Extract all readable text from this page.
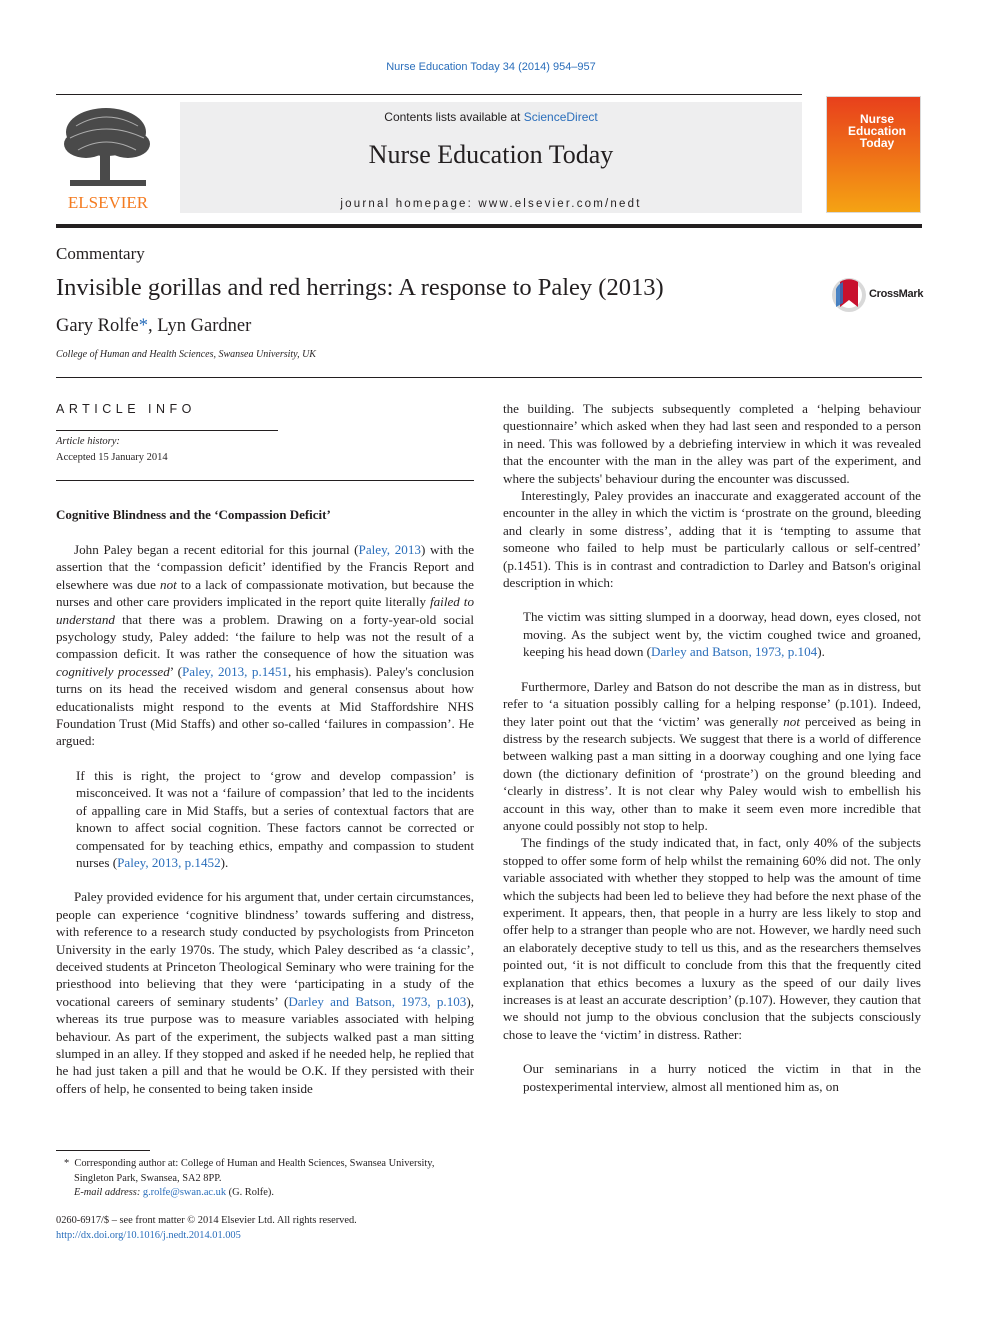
Nurse Education Today 34 (2014) 954–957
ELSEVIER
Contents lists available at ScienceDirect
Nurse Education Today
journal homepage: www.elsevier.com/nedt
Nurse
Education
Today
Commentary
Invisible gorillas and red herrings: A response to Paley (2013)
Gary Rolfe*, Lyn Gardner
College of Human and Health Sciences, Swansea University, UK
CrossMark
ARTICLE INFO
Article history:
Accepted 15 January 2014
Cognitive Blindness and the ‘Compassion Deficit’

John Paley began a recent editorial for this journal (Paley, 2013) with the assertion that the ‘compassion deficit’ identified by the Francis Report and elsewhere was due not to a lack of compassionate motivation, but because the nurses and other care providers implicated in the report quite literally failed to understand that there was a problem. Drawing on a forty-year-old social psychology study, Paley added: ‘the failure to help was not the result of a compassion deficit. It was rather the consequence of how the situation was cognitively processed’ (Paley, 2013, p.1451, his emphasis). Paley's conclusion turns on its head the received wisdom and general consensus about how educationalists might respond to the events at Mid Staffordshire NHS Foundation Trust (Mid Staffs) and other so-called ‘failures in compassion’. He argued:

If this is right, the project to ‘grow and develop compassion’ is misconceived. It was not a ‘failure of compassion’ that led to the incidents of appalling care in Mid Staffs, but a series of contextual factors that are known to affect social cognition. These factors cannot be corrected or compensated for by teaching ethics, empathy and compassion to student nurses (Paley, 2013, p.1452).

Paley provided evidence for his argument that, under certain circumstances, people can experience ‘cognitive blindness’ towards suffering and distress, with reference to a research study conducted by psychologists from Princeton University in the early 1970s. The study, which Paley described as ‘a classic’, deceived students at Princeton Theological Seminary who were training for the priesthood into believing that they were ‘participating in a study of the vocational careers of seminary students’ (Darley and Batson, 1973, p.103), whereas its true purpose was to measure variables associated with helping behaviour. As part of the experiment, the subjects walked past a man sitting slumped in an alley. If they stopped and asked if he needed help, he replied that he had just taken a pill and that he would be O.K. If they persisted with their offers of help, he consented to being taken inside

the building. The subjects subsequently completed a ‘helping behaviour questionnaire’ which asked when they had last seen and responded to a person in need. This was followed by a debriefing interview in which it was revealed that the encounter with the man in the alley was part of the experiment, and where the subjects' behaviour during the encounter was discussed.

Interestingly, Paley provides an inaccurate and exaggerated account of the encounter in the alley in which the victim is ‘prostrate on the ground, bleeding and clearly in some distress’, adding that it is ‘tempting to assume that someone who failed to help must be particularly callous or self-centred’ (p.1451). This is in contrast and contradiction to Darley and Batson's original description in which:

The victim was sitting slumped in a doorway, head down, eyes closed, not moving. As the subject went by, the victim coughed twice and groaned, keeping his head down (Darley and Batson, 1973, p.104).

Furthermore, Darley and Batson do not describe the man as in distress, but refer to ‘a situation possibly calling for a helping response’ (p.101). Indeed, they later point out that the ‘victim’ was generally not perceived as being in distress by the research subjects. We suggest that there is a world of difference between walking past a man sitting in a doorway coughing and one lying face down (the dictionary definition of ‘prostrate’) on the ground bleeding and ‘clearly in distress’. It is not clear why Paley would wish to embellish his account in this way, other than to make it seem even more incredible that anyone could possibly not stop to help.

The findings of the study indicated that, in fact, only 40% of the subjects stopped to offer some form of help whilst the remaining 60% did not. The only variable associated with whether they stopped to help was the amount of time which the subjects had been led to believe they had before the next phase of the experiment. It appears, then, that people in a hurry are less likely to stop and offer help to a stranger than people who are not. However, we hardly need such an elaborately deceptive study to tell us this, and as the researchers themselves pointed out, ‘it is not difficult to conclude from this that the frequently cited explanation that ethics becomes a luxury as the speed of our daily lives increases is at least an accurate description’ (p.107). However, they caution that we should not jump to the obvious conclusion that the subjects consciously chose to leave the ‘victim’ in distress. Rather:

Our seminarians in a hurry noticed the victim in that in the postexperimental interview, almost all mentioned him as, on

* Corresponding author at: College of Human and Health Sciences, Swansea University, Singleton Park, Swansea, SA2 8PP.
E-mail address: g.rolfe@swan.ac.uk (G. Rolfe).
0260-6917/$ – see front matter © 2014 Elsevier Ltd. All rights reserved.
http://dx.doi.org/10.1016/j.nedt.2014.01.005
